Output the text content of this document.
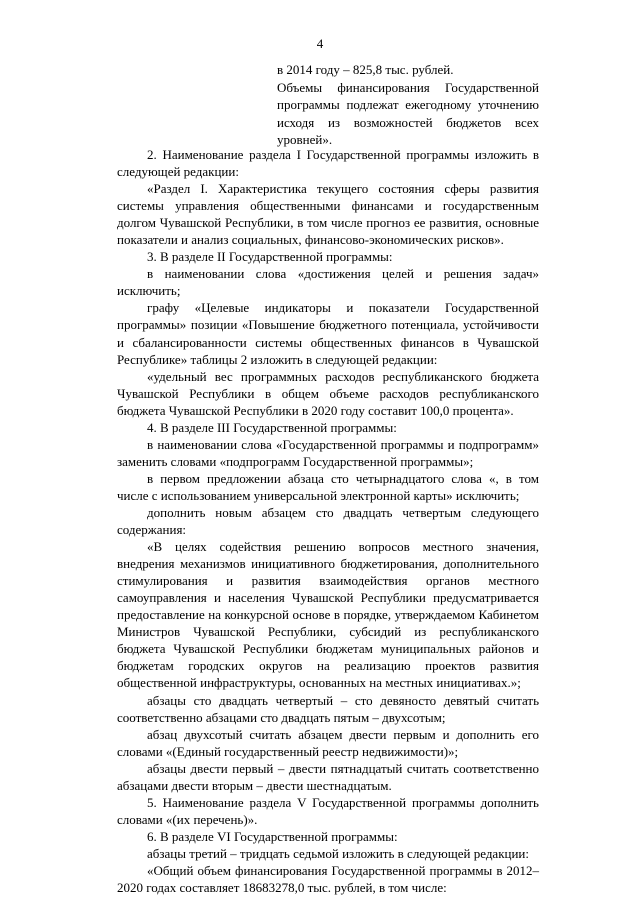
4

в 2014 году – 825,8 тыс. рублей.

Объемы финансирования Государственной программы подлежат ежегодному уточнению исходя из возможностей бюджетов всех уровней».

2. Наименование раздела I Государственной программы изложить в следующей редакции:

«Раздел I. Характеристика текущего состояния сферы развития системы управления общественными финансами и государственным долгом Чувашской Республики, в том числе прогноз ее развития, основные показатели и анализ социальных, финансово-экономических рисков».

3. В разделе II Государственной программы:

в наименовании слова «достижения целей и решения задач» исключить;

графу «Целевые индикаторы и показатели Государственной программы» позиции «Повышение бюджетного потенциала, устойчивости и сбалансированности системы общественных финансов в Чувашской Республике» таблицы 2 изложить в следующей редакции:

«удельный вес программных расходов республиканского бюджета Чувашской Республики в общем объеме расходов республиканского бюджета Чувашской Республики в 2020 году составит 100,0 процента».

4. В разделе III Государственной программы:

в наименовании слова «Государственной программы и подпрограмм» заменить словами «подпрограмм Государственной программы»;

в первом предложении абзаца сто четырнадцатого слова «, в том числе с использованием универсальной электронной карты» исключить;

дополнить новым абзацем сто двадцать четвертым следующего содержания:

«В целях содействия решению вопросов местного значения, внедрения механизмов инициативного бюджетирования, дополнительного стимулирования и развития взаимодействия органов местного самоуправления и населения Чувашской Республики предусматривается предоставление на конкурсной основе в порядке, утверждаемом Кабинетом Министров Чувашской Республики, субсидий из республиканского бюджета Чувашской Республики бюджетам муниципальных районов и бюджетам городских округов на реализацию проектов развития общественной инфраструктуры, основанных на местных инициативах.»;

абзацы сто двадцать четвертый – сто девяносто девятый считать соответственно абзацами сто двадцать пятым – двухсотым;

абзац двухсотый считать абзацем двести первым и дополнить его словами «(Единый государственный реестр недвижимости)»;

абзацы двести первый – двести пятнадцатый считать соответственно абзацами двести вторым – двести шестнадцатым.

5. Наименование раздела V Государственной программы дополнить словами «(их перечень)».

6. В разделе VI Государственной программы:

абзацы третий – тридцать седьмой изложить в следующей редакции:

«Общий объем финансирования Государственной программы в 2012–2020 годах составляет 18683278,0 тыс. рублей, в том числе:
